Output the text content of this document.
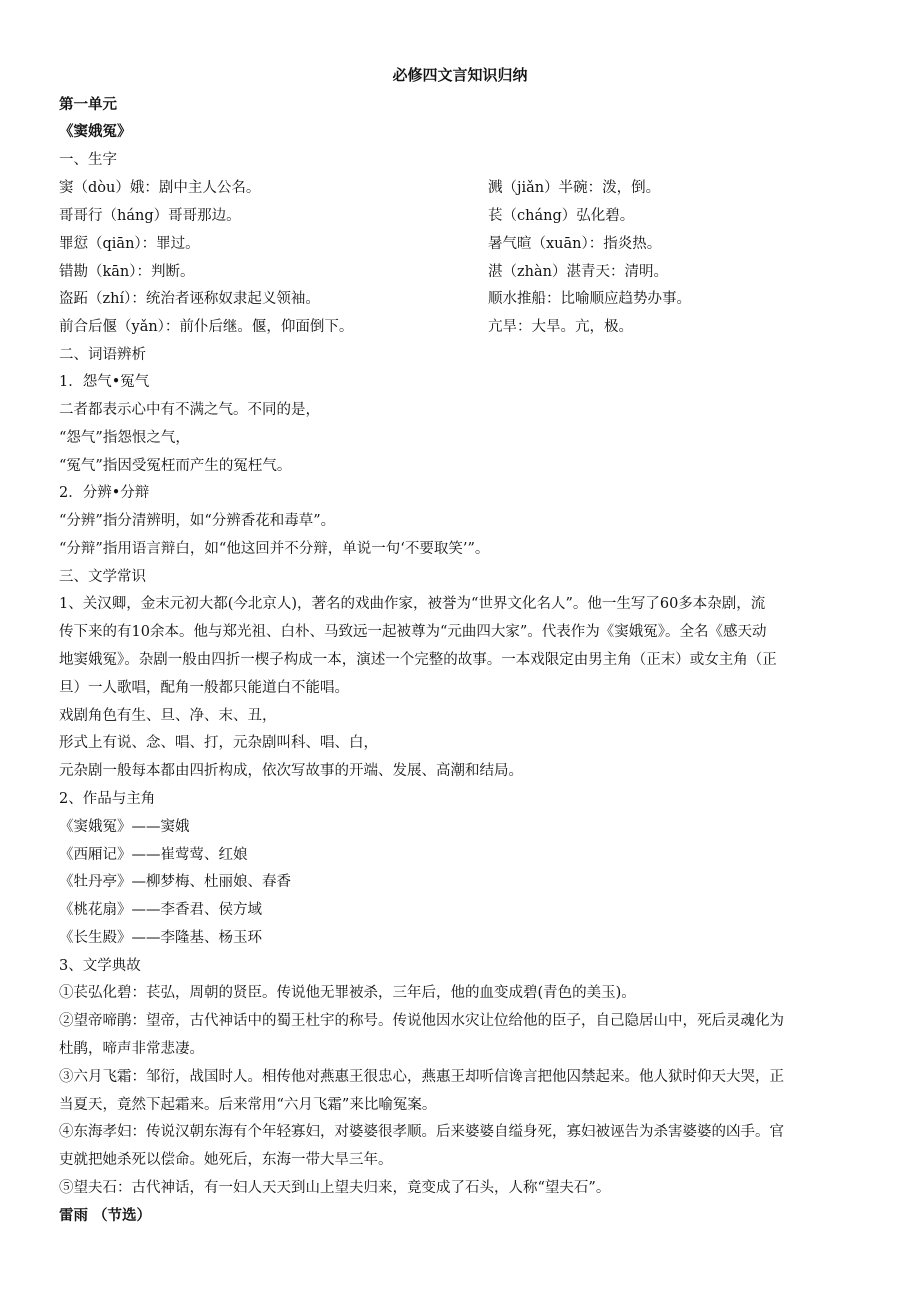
必修四文言知识归纳
第一单元
《窦娥冤》
一、生字
窦（dòu）娥：剧中主人公名。
哥哥行（háng）哥哥那边。
罪愆（qiān）：罪过。
错勘（kān）：判断。
盗跖（zhí）：统治者诬称奴隶起义领袖。
前合后偃（yǎn）：前仆后继。偃，仰面倒下。
溅（jiǎn）半碗：泼，倒。
苌（cháng）弘化碧。
暑气暄（xuān）：指炎热。
湛（zhàn）湛青天：清明。
顺水推船：比喻顺应趋势办事。
亢旱：大旱。亢，极。
二、词语辨析
1．怨气•冤气
二者都表示心中有不满之气。不同的是，
“怨气”指怨恨之气，
“冤气”指因受冤枉而产生的冤枉气。
2．分辨•分辩
“分辨”指分清辨明，如“分辨香花和毒草”。
“分辩”指用语言辩白，如“他这回并不分辩，单说一句‘不要取笑’”。
三、文学常识
1、关汉卿，金末元初大都(今北京人)，著名的戏曲作家，被誉为“世界文化名人”。他一生写了60多本杂剧，流
传下来的有10余本。他与郑光祖、白朴、马致远一起被尊为“元曲四大家”。代表作为《窦娥冤》。全名《感天动
地窦娥冤》。杂剧一般由四折一楔子构成一本，演述一个完整的故事。一本戏限定由男主角（正末）或女主角（正
旦）一人歌唱，配角一般都只能道白不能唱。
戏剧角色有生、旦、净、末、丑，
形式上有说、念、唱、打，元杂剧叫科、唱、白，
元杂剧一般每本都由四折构成，依次写故事的开端、发展、高潮和结局。
2、作品与主角
《窦娥冤》——窦娥
《西厢记》——崔莺莺、红娘
《牡丹亭》—柳梦梅、杜丽娘、春香
《桃花扇》——李香君、侯方域
《长生殿》——李隆基、杨玉环
3、文学典故
①苌弘化碧：苌弘，周朝的贤臣。传说他无罪被杀，三年后，他的血变成碧(青色的美玉)。
②望帝啼鹃：望帝，古代神话中的蜀王杜宇的称号。传说他因水灾让位给他的臣子，自己隐居山中，死后灵魂化为
杜鹃，啼声非常悲凄。
③六月飞霜：邹衍，战国时人。相传他对燕惠王很忠心，燕惠王却听信谗言把他囚禁起来。他人狱时仰天大哭，正
当夏天，竟然下起霜来。后来常用“六月飞霜”来比喻冤案。
④东海孝妇：传说汉朝东海有个年轻寡妇，对婆婆很孝顺。后来婆婆自缢身死，寡妇被诬告为杀害婆婆的凶手。官
吏就把她杀死以偿命。她死后，东海一带大旱三年。
⑤望夫石：古代神话，有一妇人天天到山上望夫归来，竟变成了石头，人称“望夫石”。
雷雨 （节选）
